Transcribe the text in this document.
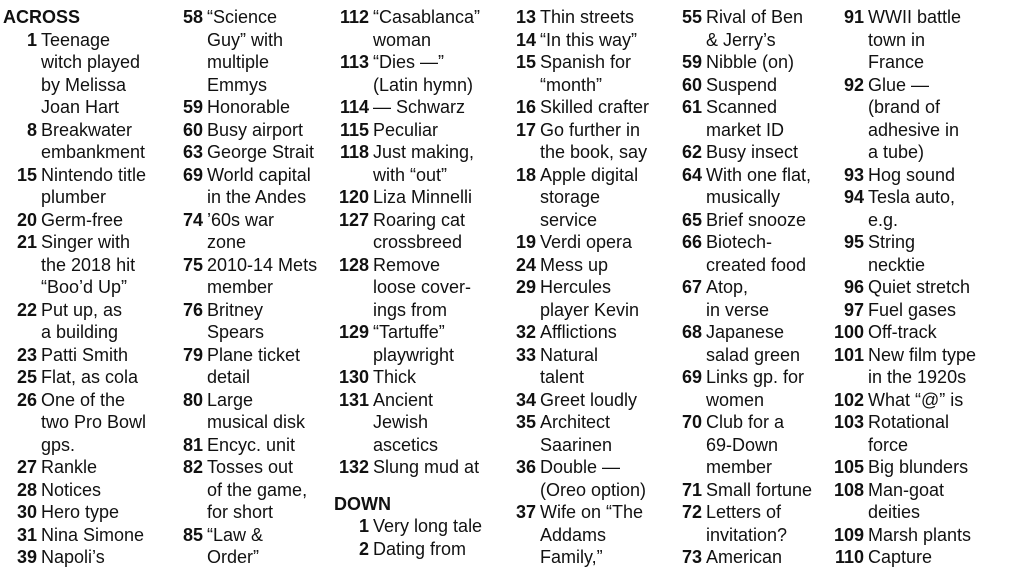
ACROSS
1 Teenage
witch played
by Melissa
Joan Hart
8 Breakwater
embankment
15 Nintendo title
plumber
20 Germ-free
21 Singer with
the 2018 hit
“Boo’d Up”
22 Put up, as
a building
23 Patti Smith
25 Flat, as cola
26 One of the
two Pro Bowl
gps.
27 Rankle
28 Notices
30 Hero type
31 Nina Simone
39 Napoli’s
58 “Science
Guy” with
multiple
Emmys
59 Honorable
60 Busy airport
63 George Strait
69 World capital
in the Andes
74 ’60s war
zone
75 2010-14 Mets
member
76 Britney
Spears
79 Plane ticket
detail
80 Large
musical disk
81 Encyc. unit
82 Tosses out
of the game,
for short
85 “Law &
Order”
112 “Casablanca”
woman
113 “Dies —”
(Latin hymn)
114 — Schwarz
115 Peculiar
118 Just making,
with “out”
120 Liza Minnelli
127 Roaring cat
crossbreed
128 Remove
loose cover-
ings from
129 “Tartuffe”
playwright
130 Thick
131 Ancient
Jewish
ascetics
132 Slung mud at
DOWN
1 Very long tale
2 Dating from
13 Thin streets
14 “In this way”
15 Spanish for
“month”
16 Skilled crafter
17 Go further in
the book, say
18 Apple digital
storage
service
19 Verdi opera
24 Mess up
29 Hercules
player Kevin
32 Afflictions
33 Natural
talent
34 Greet loudly
35 Architect
Saarinen
36 Double —
(Oreo option)
37 Wife on “The
Addams
Family,”
55 Rival of Ben
& Jerry’s
59 Nibble (on)
60 Suspend
61 Scanned
market ID
62 Busy insect
64 With one flat,
musically
65 Brief snooze
66 Biotech-
created food
67 Atop,
in verse
68 Japanese
salad green
69 Links gp. for
women
70 Club for a
69-Down
member
71 Small fortune
72 Letters of
invitation?
73 American
91 WWII battle
town in
France
92 Glue —
(brand of
adhesive in
a tube)
93 Hog sound
94 Tesla auto,
e.g.
95 String
necktie
96 Quiet stretch
97 Fuel gases
100 Off-track
101 New film type
in the 1920s
102 What “@” is
103 Rotational
force
105 Big blunders
108 Man-goat
deities
109 Marsh plants
110 Capture
